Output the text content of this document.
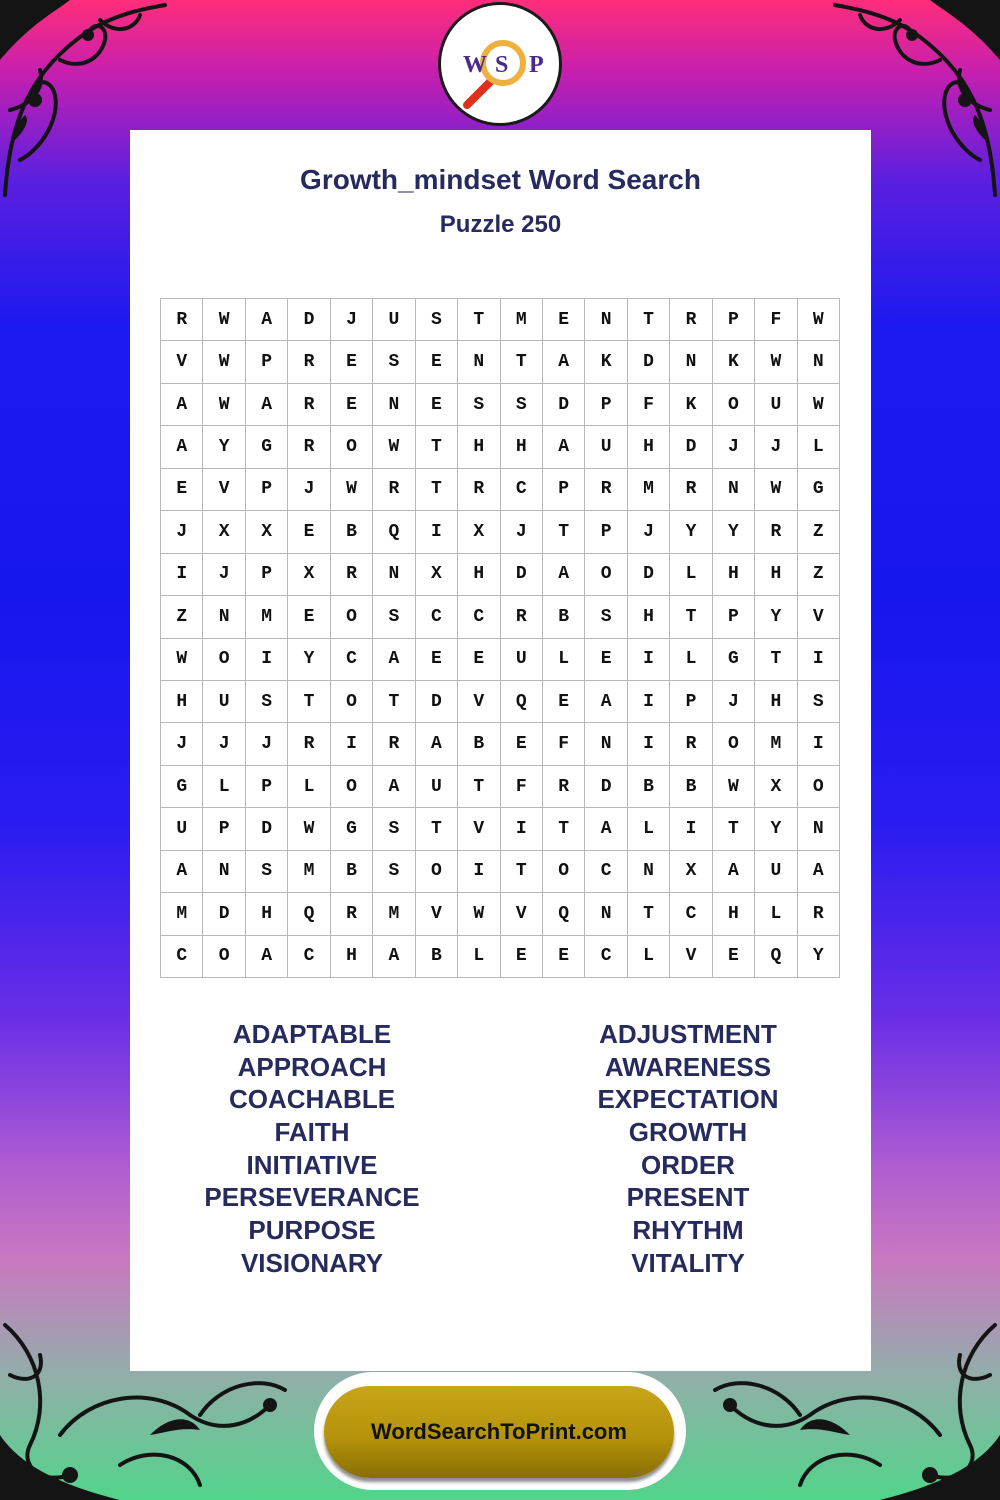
W S P
Growth_mindset Word Search
Puzzle 250
R	W	A	D	J	U	S	T	M	E	N	T	R	P	F	W
V	W	P	R	E	S	E	N	T	A	K	D	N	K	W	N
A	W	A	R	E	N	E	S	S	D	P	F	K	O	U	W
A	Y	G	R	O	W	T	H	H	A	U	H	D	J	J	L
E	V	P	J	W	R	T	R	C	P	R	M	R	N	W	G
J	X	X	E	B	Q	I	X	J	T	P	J	Y	Y	R	Z
I	J	P	X	R	N	X	H	D	A	O	D	L	H	H	Z
Z	N	M	E	O	S	C	C	R	B	S	H	T	P	Y	V
W	O	I	Y	C	A	E	E	U	L	E	I	L	G	T	I
H	U	S	T	O	T	D	V	Q	E	A	I	P	J	H	S
J	J	J	R	I	R	A	B	E	F	N	I	R	O	M	I
G	L	P	L	O	A	U	T	F	R	D	B	B	W	X	O
U	P	D	W	G	S	T	V	I	T	A	L	I	T	Y	N
A	N	S	M	B	S	O	I	T	O	C	N	X	A	U	A
M	D	H	Q	R	M	V	W	V	Q	N	T	C	H	L	R
C	O	A	C	H	A	B	L	E	E	C	L	V	E	Q	Y
ADAPTABLE
APPROACH
COACHABLE
FAITH
INITIATIVE
PERSEVERANCE
PURPOSE
VISIONARY
ADJUSTMENT
AWARENESS
EXPECTATION
GROWTH
ORDER
PRESENT
RHYTHM
VITALITY
WordSearchToPrint.com
